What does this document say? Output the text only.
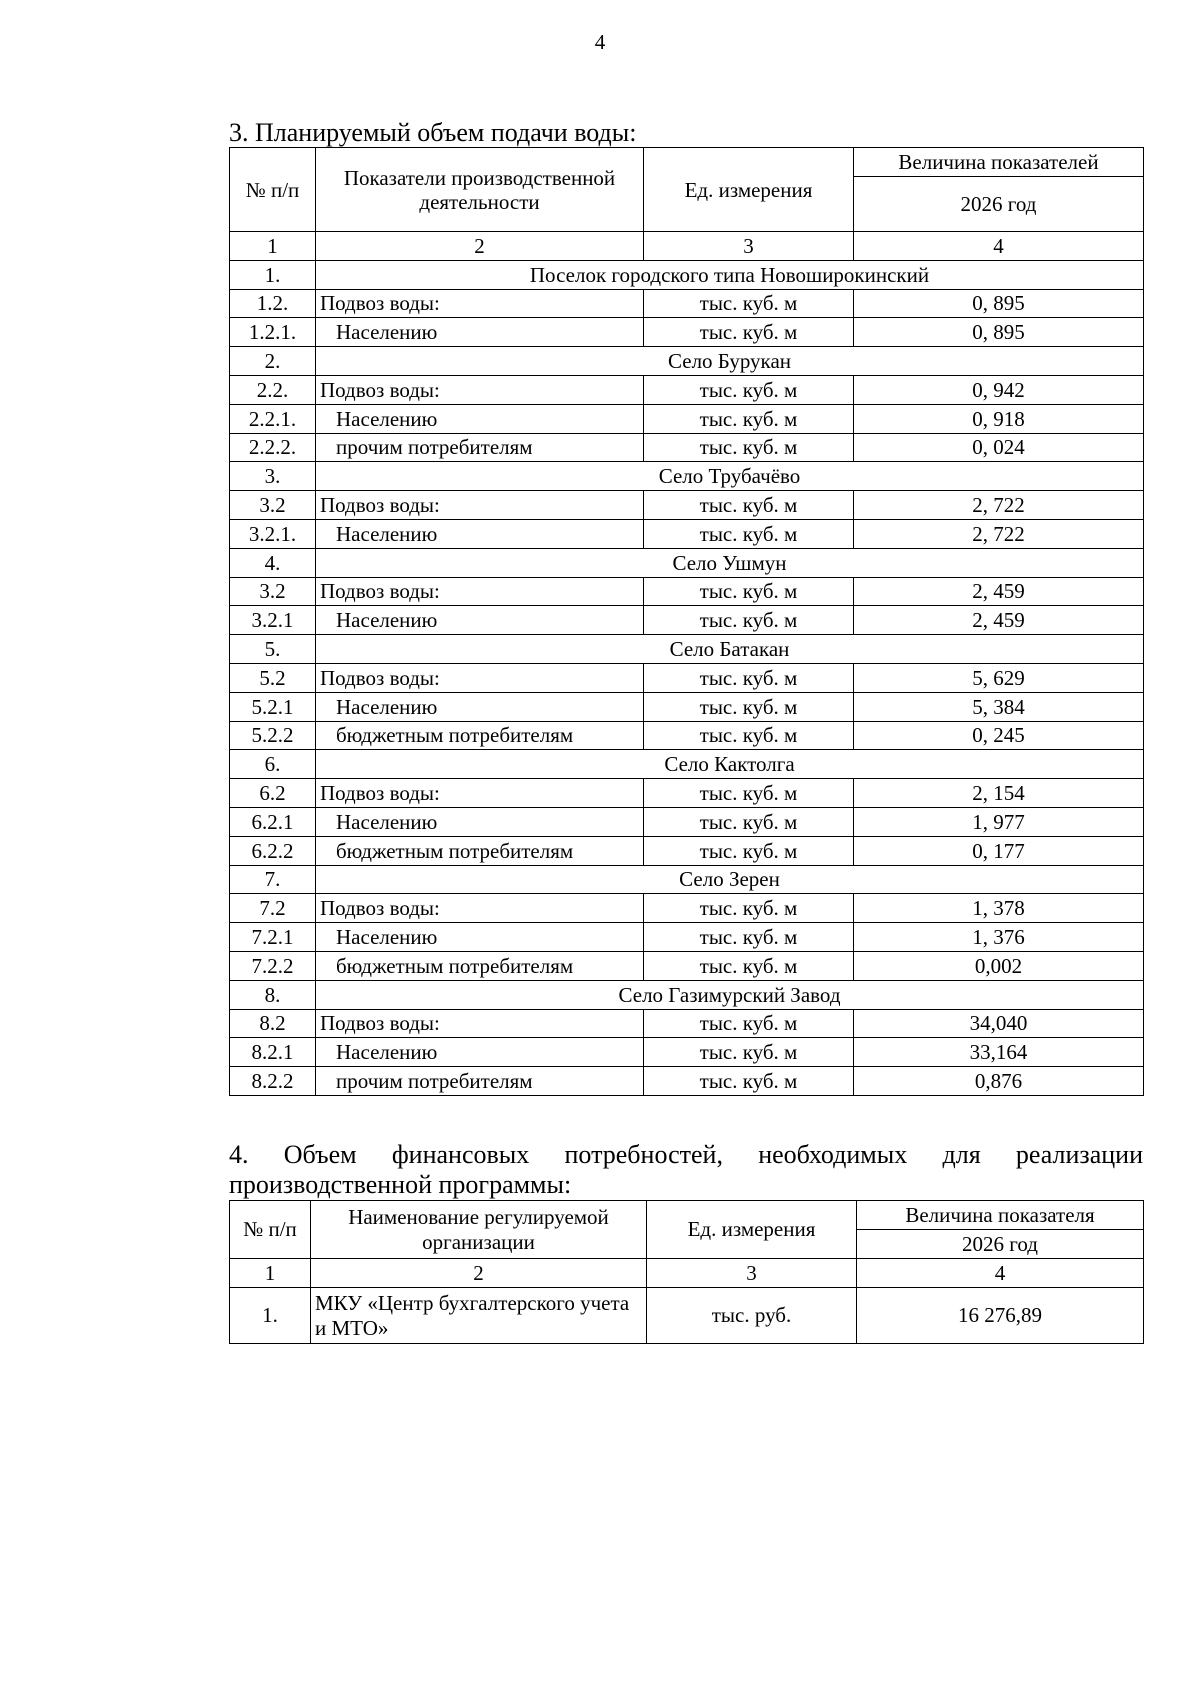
4
3. Планируемый объем подачи воды:
№ п/п	Показатели производственной деятельности	Ед. измерения	Величина показателей
			2026 год
1	2	3	4
1.	Поселок городского типа Новоширокинский		
1.2.	Подвоз воды:	тыс. куб. м	0, 895
1.2.1.	Населению	тыс. куб. м	0, 895
2.	Село Бурукан		
2.2.	Подвоз воды:	тыс. куб. м	0, 942
2.2.1.	Населению	тыс. куб. м	0, 918
2.2.2.	прочим потребителям	тыс. куб. м	0, 024
3.	Село Трубачёво		
3.2	Подвоз воды:	тыс. куб. м	2, 722
3.2.1.	Населению	тыс. куб. м	2, 722
4.	Село Ушмун		
3.2	Подвоз воды:	тыс. куб. м	2, 459
3.2.1	Населению	тыс. куб. м	2, 459
5.	Село Батакан		
5.2	Подвоз воды:	тыс. куб. м	5, 629
5.2.1	Населению	тыс. куб. м	5, 384
5.2.2	бюджетным потребителям	тыс. куб. м	0, 245
6.	Село Кактолга		
6.2	Подвоз воды:	тыс. куб. м	2, 154
6.2.1	Населению	тыс. куб. м	1, 977
6.2.2	бюджетным потребителям	тыс. куб. м	0, 177
7.	Село Зерен		
7.2	Подвоз воды:	тыс. куб. м	1, 378
7.2.1	Населению	тыс. куб. м	1, 376
7.2.2	бюджетным потребителям	тыс. куб. м	0,002
8.	Село Газимурский Завод		
8.2	Подвоз воды:	тыс. куб. м	34,040
8.2.1	Населению	тыс. куб. м	33,164
8.2.2	прочим потребителям	тыс. куб. м	0,876
4. Объем финансовых потребностей, необходимых для реализации производственной программы:
№ п/п	Наименование регулируемой организации	Ед. измерения	Величина показателя
			2026 год
1	2	3	4
1.	МКУ «Центр бухгалтерского учета и МТО»	тыс. руб.	16 276,89
